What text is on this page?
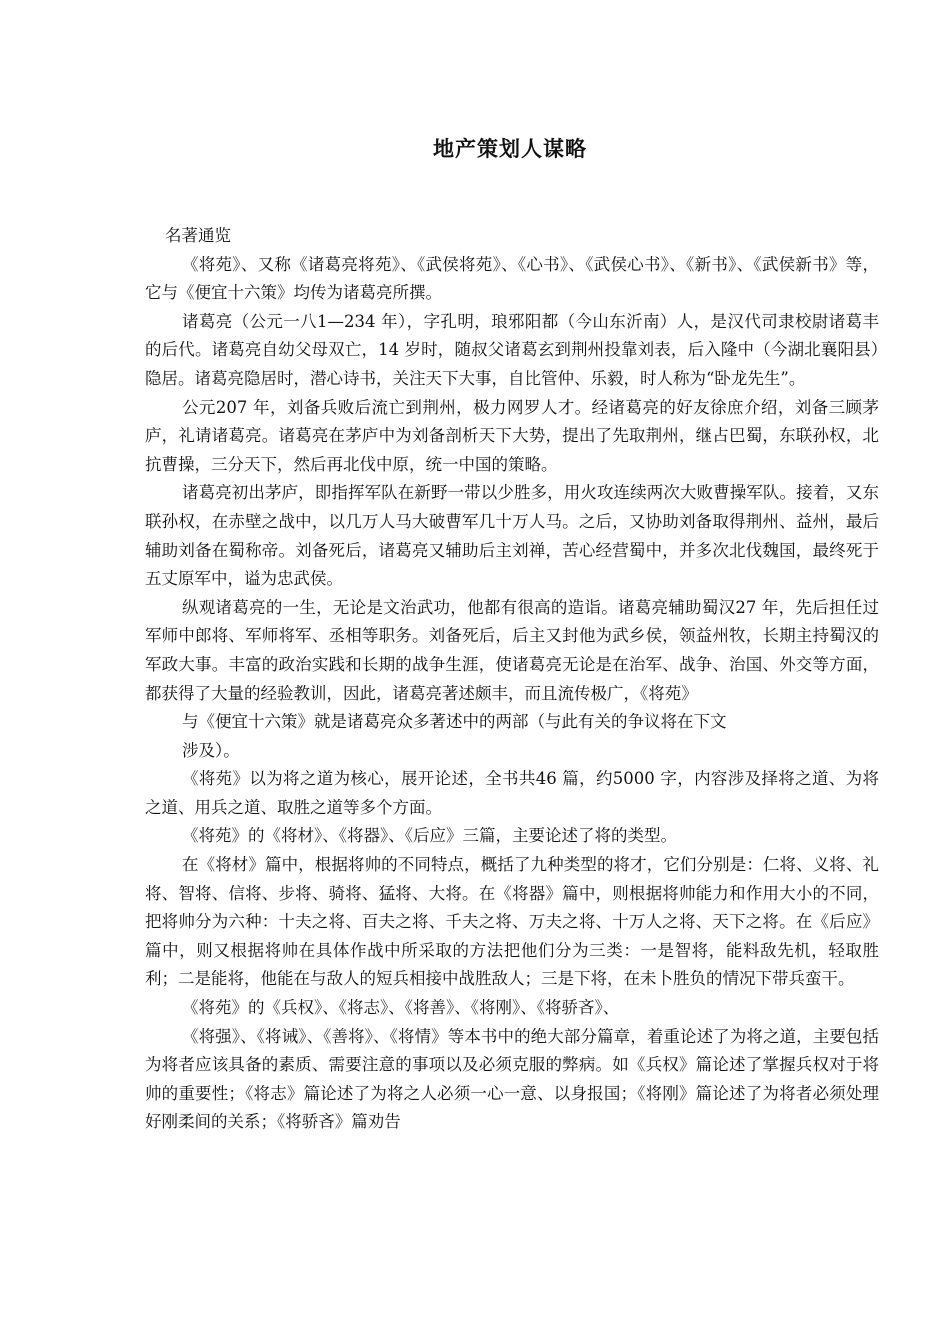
地产策划人谋略

名著通览

《将苑》、又称《诸葛亮将苑》、《武侯将苑》、《心书》、《武侯心书》、《新书》、《武侯新书》等，它与《便宜十六策》均传为诸葛亮所撰。

诸葛亮（公元一八1—234 年），字孔明，琅邪阳都（今山东沂南）人，是汉代司隶校尉诸葛丰的后代。诸葛亮自幼父母双亡，14 岁时，随叔父诸葛玄到荆州投靠刘表，后入隆中（今湖北襄阳县）隐居。诸葛亮隐居时，潜心诗书，关注天下大事，自比管仲、乐毅，时人称为“卧龙先生”。

公元207 年，刘备兵败后流亡到荆州，极力网罗人才。经诸葛亮的好友徐庶介绍，刘备三顾茅庐，礼请诸葛亮。诸葛亮在茅庐中为刘备剖析天下大势，提出了先取荆州，继占巴蜀，东联孙权，北抗曹操，三分天下，然后再北伐中原，统一中国的策略。

诸葛亮初出茅庐，即指挥军队在新野一带以少胜多，用火攻连续两次大败曹操军队。接着，又东联孙权，在赤壁之战中，以几万人马大破曹军几十万人马。之后，又协助刘备取得荆州、益州，最后辅助刘备在蜀称帝。刘备死后，诸葛亮又辅助后主刘禅，苦心经营蜀中，并多次北伐魏国，最终死于五丈原军中，谥为忠武侯。

纵观诸葛亮的一生，无论是文治武功，他都有很高的造诣。诸葛亮辅助蜀汉27 年，先后担任过军师中郎将、军师将军、丞相等职务。刘备死后，后主又封他为武乡侯，领益州牧，长期主持蜀汉的军政大事。丰富的政治实践和长期的战争生涯，使诸葛亮无论是在治军、战争、治国、外交等方面，都获得了大量的经验教训，因此，诸葛亮著述颇丰，而且流传极广，《将苑》

与《便宜十六策》就是诸葛亮众多著述中的两部（与此有关的争议将在下文

涉及）。

《将苑》以为将之道为核心，展开论述，全书共46 篇，约5000 字，内容涉及择将之道、为将之道、用兵之道、取胜之道等多个方面。

《将苑》的《将材》、《将器》、《后应》三篇，主要论述了将的类型。

在《将材》篇中，根据将帅的不同特点，概括了九种类型的将才，它们分别是：仁将、义将、礼将、智将、信将、步将、骑将、猛将、大将。在《将器》篇中，则根据将帅能力和作用大小的不同，把将帅分为六种：十夫之将、百夫之将、千夫之将、万夫之将、十万人之将、天下之将。在《后应》篇中，则又根据将帅在具体作战中所采取的方法把他们分为三类：一是智将，能料敌先机，轻取胜利；二是能将，他能在与敌人的短兵相接中战胜敌人；三是下将，在未卜胜负的情况下带兵蛮干。

《将苑》的《兵权》、《将志》、《将善》、《将刚》、《将骄吝》、

《将强》、《将诫》、《善将》、《将情》等本书中的绝大部分篇章，着重论述了为将之道，主要包括为将者应该具备的素质、需要注意的事项以及必须克服的弊病。如《兵权》篇论述了掌握兵权对于将帅的重要性；《将志》篇论述了为将之人必须一心一意、以身报国；《将刚》篇论述了为将者必须处理好刚柔间的关系；《将骄吝》篇劝告
